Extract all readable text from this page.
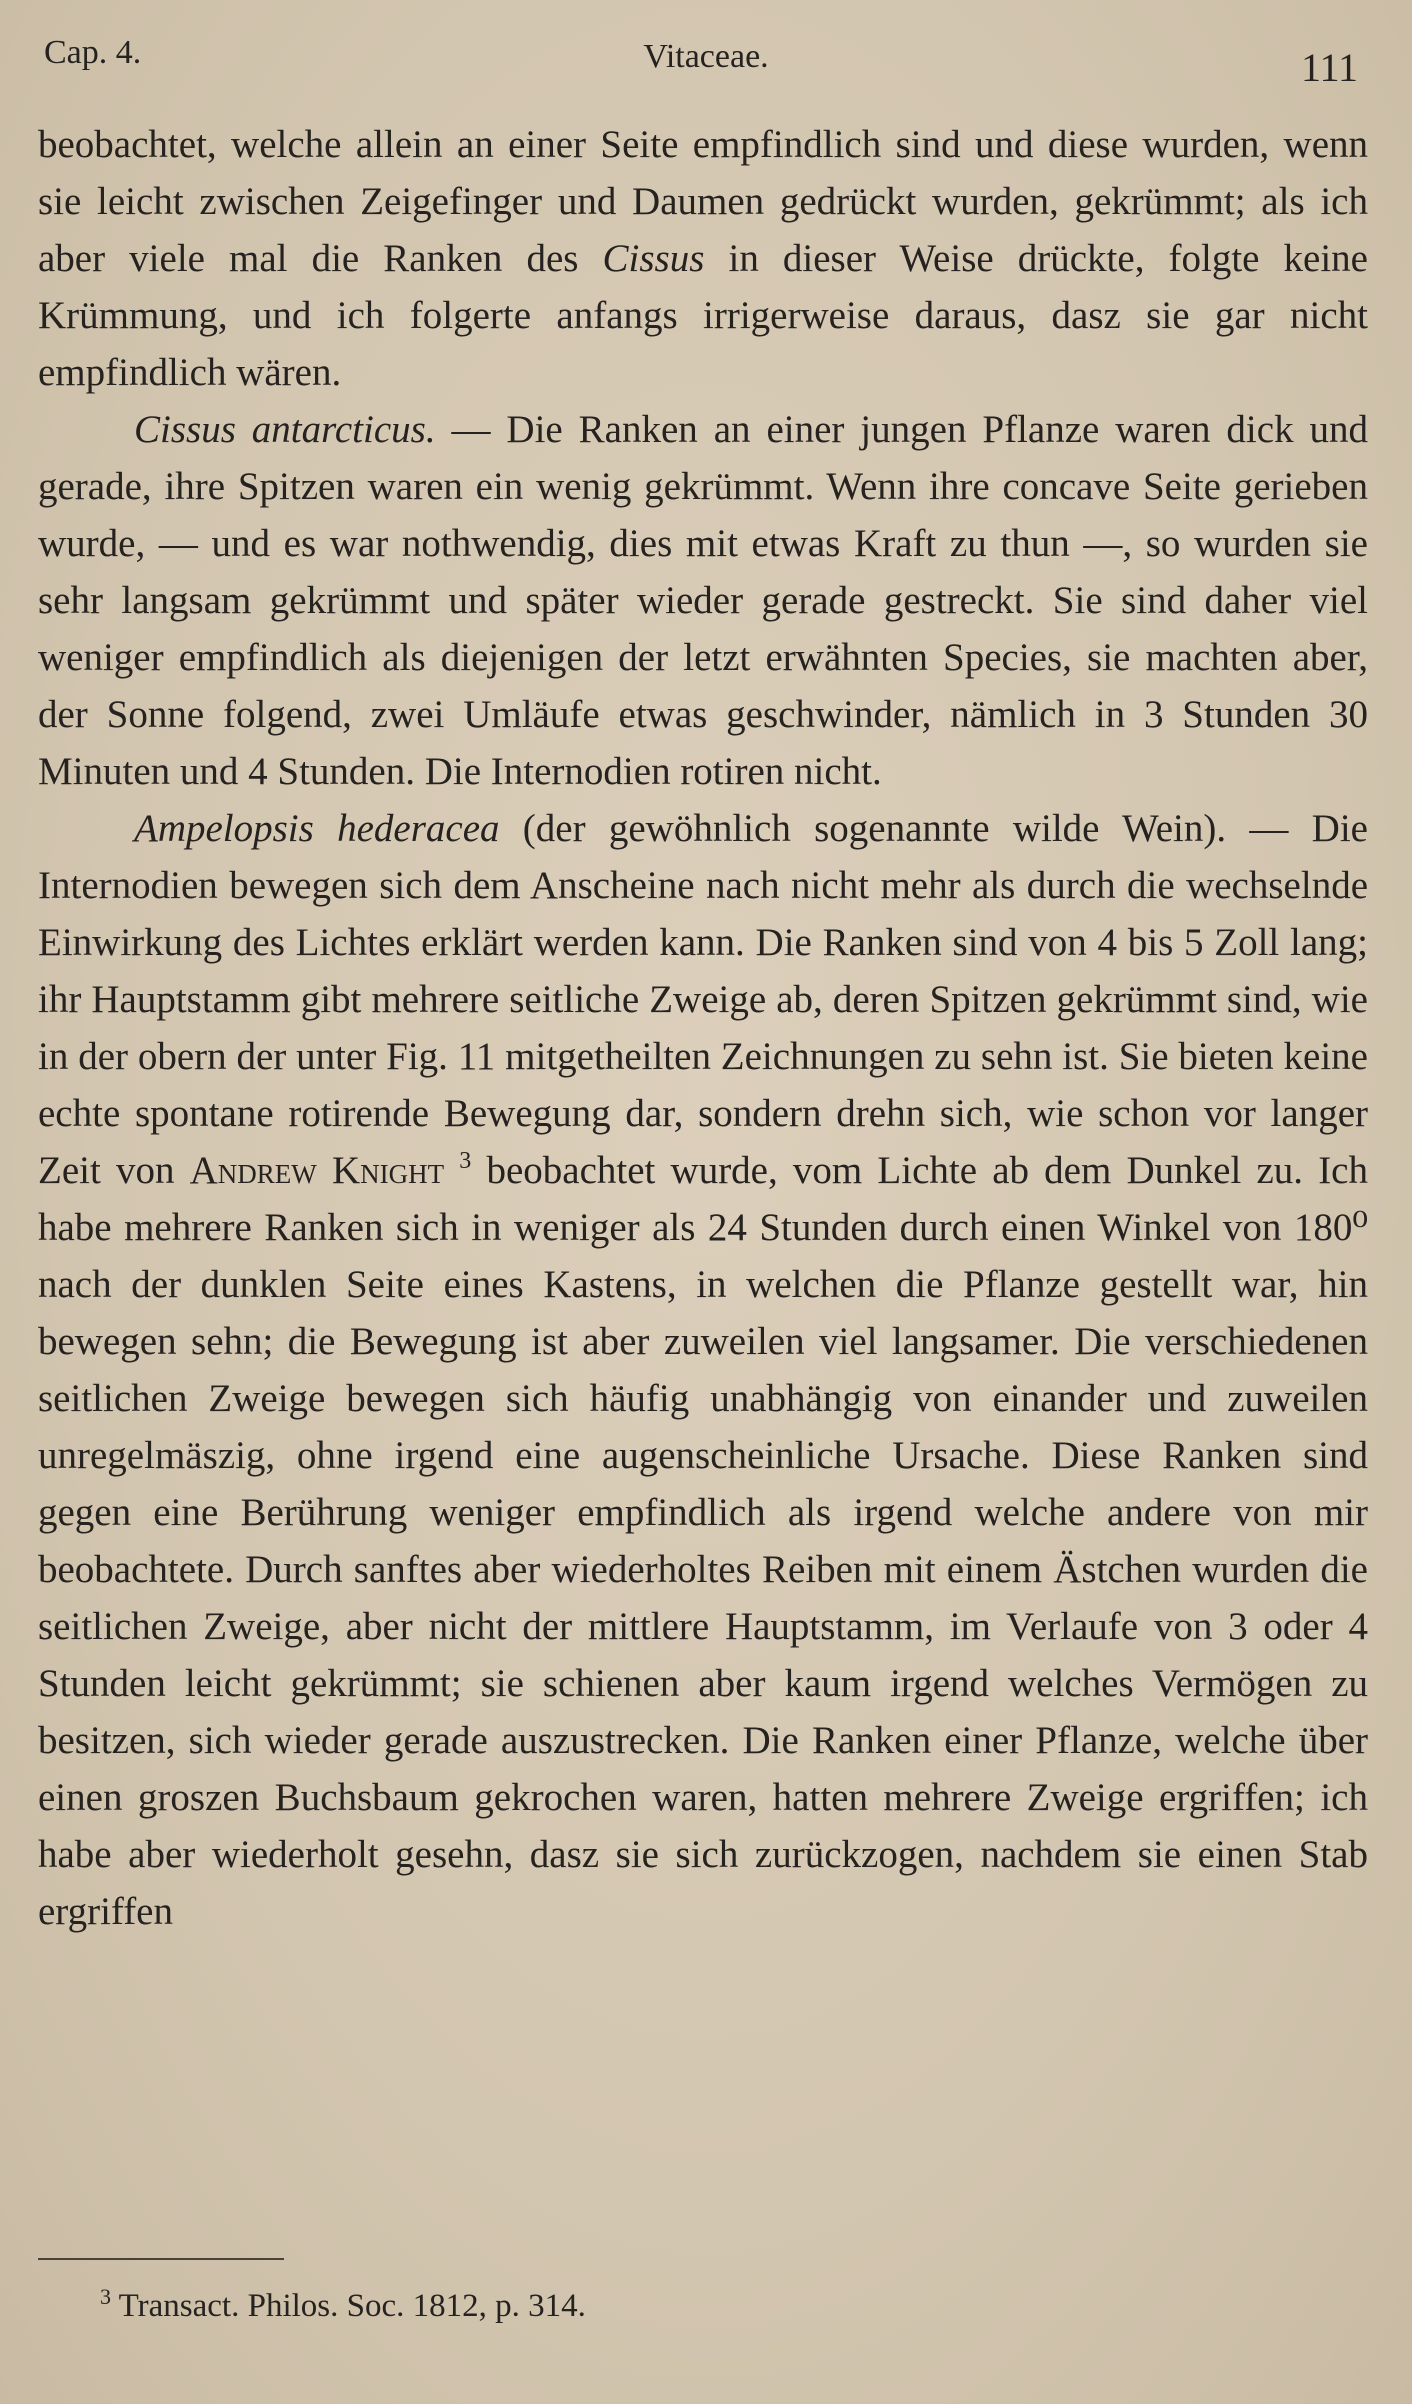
Cap. 4.	Vitaceae.	111

beobachtet, welche allein an einer Seite empfindlich sind und diese wurden, wenn sie leicht zwischen Zeigefinger und Daumen gedrückt wurden, gekrümmt; als ich aber viele mal die Ranken des Cissus in dieser Weise drückte, folgte keine Krümmung, und ich folgerte anfangs irrigerweise daraus, dasz sie gar nicht empfindlich wären.

Cissus antarcticus. — Die Ranken an einer jungen Pflanze waren dick und gerade, ihre Spitzen waren ein wenig gekrümmt. Wenn ihre concave Seite gerieben wurde, — und es war nothwendig, dies mit etwas Kraft zu thun —, so wurden sie sehr langsam gekrümmt und später wieder gerade gestreckt. Sie sind daher viel weniger empfindlich als diejenigen der letzt erwähnten Species, sie machten aber, der Sonne folgend, zwei Umläufe etwas geschwinder, nämlich in 3 Stunden 30 Minuten und 4 Stunden. Die Internodien rotiren nicht.

Ampelopsis hederacea (der gewöhnlich sogenannte wilde Wein). — Die Internodien bewegen sich dem Anscheine nach nicht mehr als durch die wechselnde Einwirkung des Lichtes erklärt werden kann. Die Ranken sind von 4 bis 5 Zoll lang; ihr Hauptstamm gibt mehrere seitliche Zweige ab, deren Spitzen gekrümmt sind, wie in der obern der unter Fig. 11 mitgetheilten Zeichnungen zu sehn ist. Sie bieten keine echte spontane rotirende Bewegung dar, sondern drehn sich, wie schon vor langer Zeit von Andrew Knight $^3$ beobachtet wurde, vom Lichte ab dem Dunkel zu. Ich habe mehrere Ranken sich in weniger als 24 Stunden durch einen Winkel von 180⁰ nach der dunklen Seite eines Kastens, in welchen die Pflanze gestellt war, hin bewegen sehn; die Bewegung ist aber zuweilen viel langsamer. Die verschiedenen seitlichen Zweige bewegen sich häufig unabhängig von einander und zuweilen unregelmäszig, ohne irgend eine augenscheinliche Ursache. Diese Ranken sind gegen eine Berührung weniger empfindlich als irgend welche andere von mir beobachtete. Durch sanftes aber wiederholtes Reiben mit einem Ästchen wurden die seitlichen Zweige, aber nicht der mittlere Hauptstamm, im Verlaufe von 3 oder 4 Stunden leicht gekrümmt; sie schienen aber kaum irgend welches Vermögen zu besitzen, sich wieder gerade auszustrecken. Die Ranken einer Pflanze, welche über einen groszen Buchsbaum gekrochen waren, hatten mehrere Zweige ergriffen; ich habe aber wiederholt gesehn, dasz sie sich zurückzogen, nachdem sie einen Stab ergriffen

$^3$ Transact. Philos. Soc. 1812, p. 314.
